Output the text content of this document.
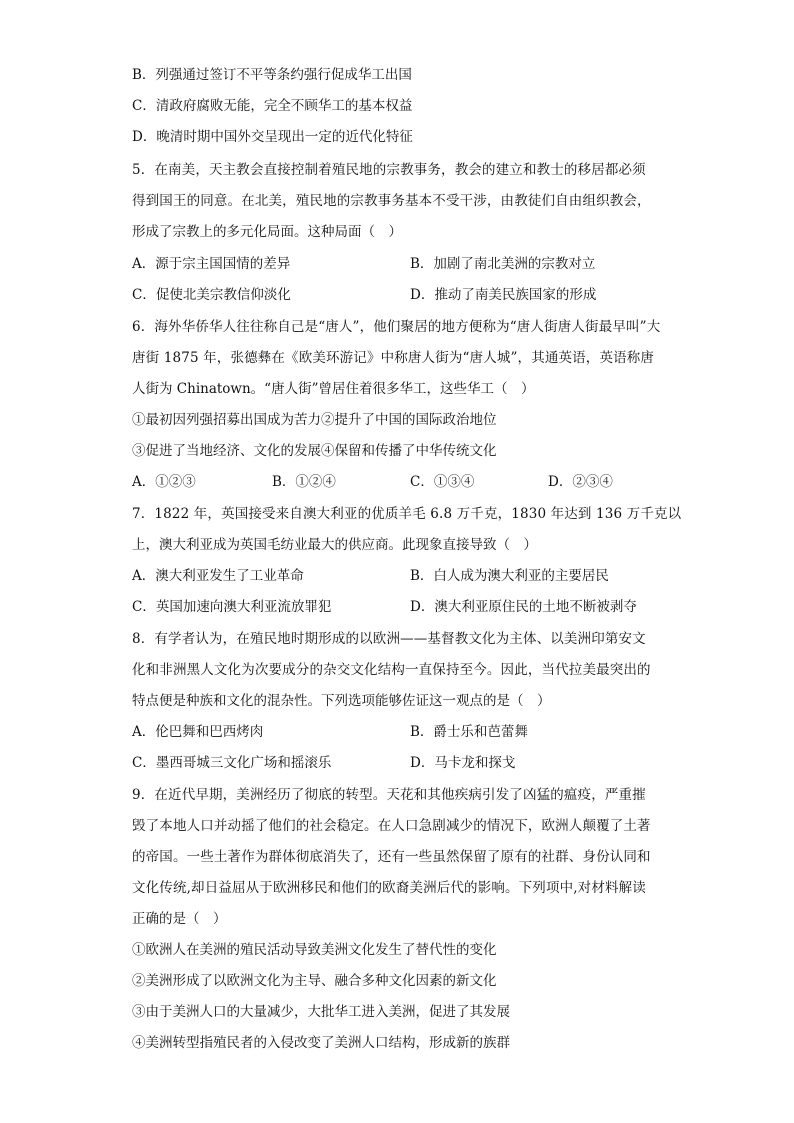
B．列强通过签订不平等条约强行促成华工出国
C．清政府腐败无能，完全不顾华工的基本权益
D．晚清时期中国外交呈现出一定的近代化特征
5．在南美，天主教会直接控制着殖民地的宗教事务，教会的建立和教士的移居都必须
得到国王的同意。在北美，殖民地的宗教事务基本不受干涉，由教徒们自由组织教会，
形成了宗教上的多元化局面。这种局面（　）
A．源于宗主国国情的差异	B．加剧了南北美洲的宗教对立
C．促使北美宗教信仰淡化	D．推动了南美民族国家的形成
6．海外华侨华人往往称自己是“唐人”，他们聚居的地方便称为“唐人街唐人街最早叫”大
唐街 1875 年，张德彝在《欧美环游记》中称唐人街为“唐人城”，其通英语，英语称唐
人街为 Chinatown。“唐人街”曾居住着很多华工，这些华工（　）
①最初因列强招募出国成为苦力②提升了中国的国际政治地位
③促进了当地经济、文化的发展④保留和传播了中华传统文化
A．①②③	B．①②④	C．①③④	D．②③④
7．1822 年，英国接受来自澳大利亚的优质羊毛 6.8 万千克，1830 年达到 136 万千克以
上，澳大利亚成为英国毛纺业最大的供应商。此现象直接导致（　）
A．澳大利亚发生了工业革命	B．白人成为澳大利亚的主要居民
C．英国加速向澳大利亚流放罪犯	D．澳大利亚原住民的土地不断被剥夺
8．有学者认为，在殖民地时期形成的以欧洲——基督教文化为主体、以美洲印第安文
化和非洲黑人文化为次要成分的杂交文化结构一直保持至今。因此，当代拉美最突出的
特点便是种族和文化的混杂性。下列选项能够佐证这一观点的是（　）
A．伦巴舞和巴西烤肉	B．爵士乐和芭蕾舞
C．墨西哥城三文化广场和摇滚乐	D．马卡龙和探戈
9．在近代早期，美洲经历了彻底的转型。天花和其他疾病引发了凶猛的瘟疫，严重摧
毁了本地人口并动摇了他们的社会稳定。在人口急剧减少的情况下，欧洲人颠覆了土著
的帝国。一些土著作为群体彻底消失了，还有一些虽然保留了原有的社群、身份认同和
文化传统,却日益屈从于欧洲移民和他们的欧裔美洲后代的影响。下列项中,对材料解读
正确的是（　）
①欧洲人在美洲的殖民活动导致美洲文化发生了替代性的变化
②美洲形成了以欧洲文化为主导、融合多种文化因素的新文化
③由于美洲人口的大量减少，大批华工进入美洲，促进了其发展
④美洲转型指殖民者的入侵改变了美洲人口结构，形成新的族群
